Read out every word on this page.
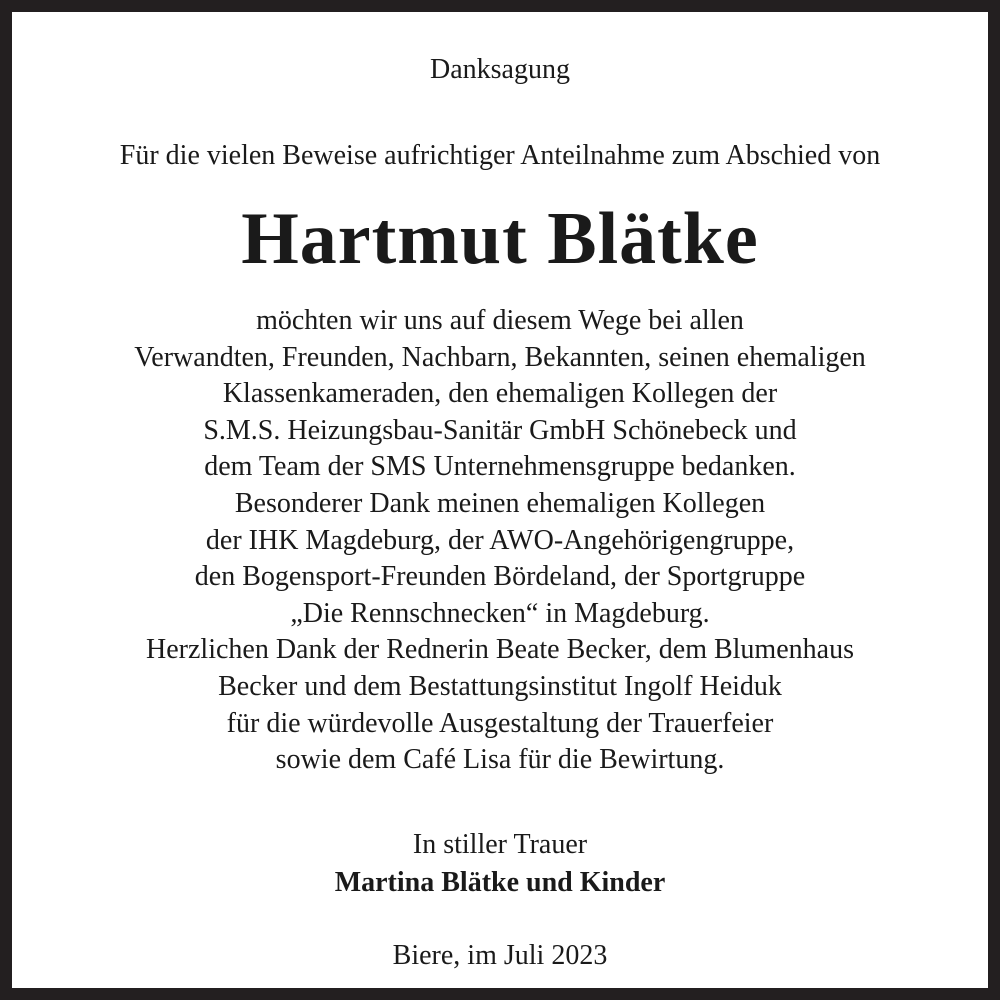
Danksagung
Für die vielen Beweise aufrichtiger Anteilnahme zum Abschied von
Hartmut Blätke
möchten wir uns auf diesem Wege bei allen
Verwandten, Freunden, Nachbarn, Bekannten, seinen ehemaligen
Klassenkameraden, den ehemaligen Kollegen der
S.M.S. Heizungsbau-Sanitär GmbH Schönebeck und
dem Team der SMS Unternehmensgruppe bedanken.
Besonderer Dank meinen ehemaligen Kollegen
der IHK Magdeburg, der AWO-Angehörigengruppe,
den Bogensport-Freunden Bördeland, der Sportgruppe
„Die Rennschnecken“ in Magdeburg.
Herzlichen Dank der Rednerin Beate Becker, dem Blumenhaus
Becker und dem Bestattungsinstitut Ingolf Heiduk
für die würdevolle Ausgestaltung der Trauerfeier
sowie dem Café Lisa für die Bewirtung.
In stiller Trauer
Martina Blätke und Kinder
Biere, im Juli 2023
